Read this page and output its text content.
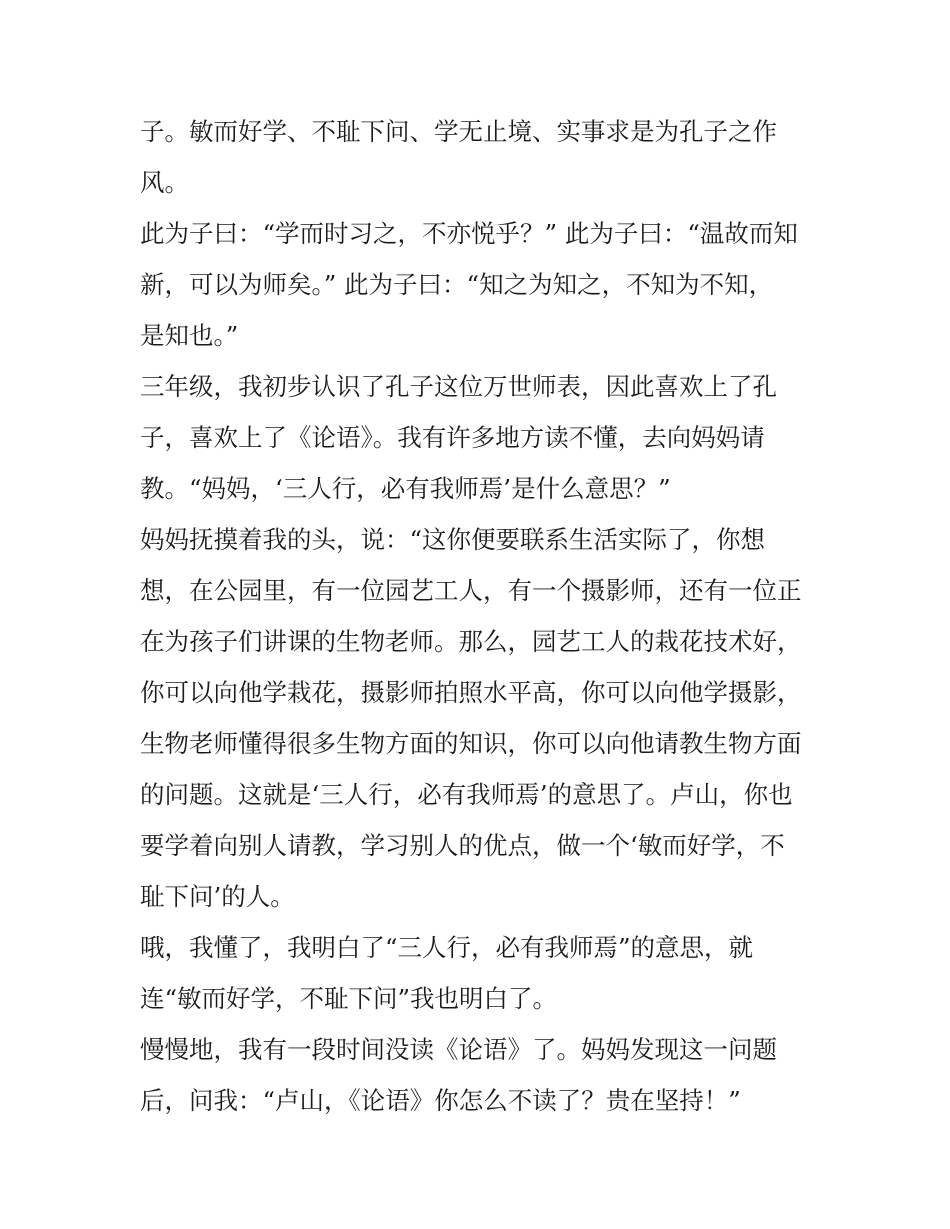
子。敏而好学、不耻下问、学无止境、实事求是为孔子之作
风。

此为子曰：“学而时习之，不亦悦乎？” 此为子曰：“温故而知
新，可以为师矣。” 此为子曰：“知之为知之，不知为不知，
是知也。”

三年级，我初步认识了孔子这位万世师表，因此喜欢上了孔
子，喜欢上了《论语》。我有许多地方读不懂，去向妈妈请
教。“妈妈，‘三人行，必有我师焉’是什么意思？”

妈妈抚摸着我的头，说：“这你便要联系生活实际了，你想
想，在公园里，有一位园艺工人，有一个摄影师，还有一位正
在为孩子们讲课的生物老师。那么，园艺工人的栽花技术好，
你可以向他学栽花，摄影师拍照水平高，你可以向他学摄影，
生物老师懂得很多生物方面的知识，你可以向他请教生物方面
的问题。这就是‘三人行，必有我师焉’的意思了。卢山，你也
要学着向别人请教，学习别人的优点，做一个‘敏而好学，不
耻下问’的人。

哦，我懂了，我明白了“三人行，必有我师焉”的意思，就
连“敏而好学，不耻下问”我也明白了。

慢慢地，我有一段时间没读《论语》了。妈妈发现这一问题
后，问我：“卢山，《论语》你怎么不读了？贵在坚持！”
